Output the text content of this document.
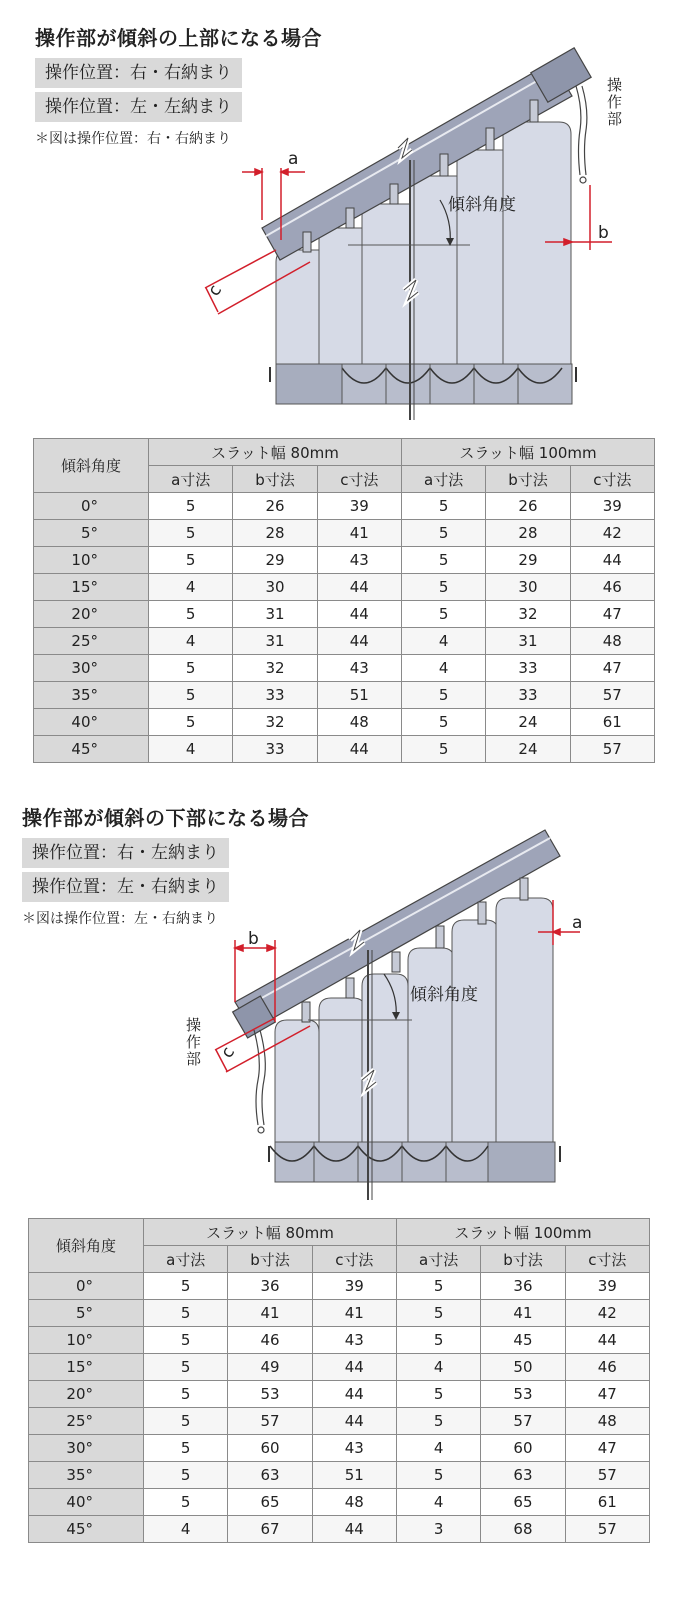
操作部が傾斜の上部になる場合
操作位置：右・右納まり
操作位置：左・左納まり
＊図は操作位置：右・右納まり
傾斜角度
a
b
c
操 作 部
傾斜角度	スラット幅 80mm			スラット幅 100mm		
	a寸法	b寸法	c寸法	a寸法	b寸法	c寸法
0°	5	26	39	5	26	39
5°	5	28	41	5	28	42
10°	5	29	43	5	29	44
15°	4	30	44	5	30	46
20°	5	31	44	5	32	47
25°	4	31	44	4	31	48
30°	5	32	43	4	33	47
35°	5	33	51	5	33	57
40°	5	32	48	5	24	61
45°	4	33	44	5	24	57
操作部が傾斜の下部になる場合
操作位置：右・左納まり
操作位置：左・右納まり
＊図は操作位置：左・右納まり
傾斜角度
a
b
c
操 作 部
傾斜角度	スラット幅 80mm			スラット幅 100mm		
	a寸法	b寸法	c寸法	a寸法	b寸法	c寸法
0°	5	36	39	5	36	39
5°	5	41	41	5	41	42
10°	5	46	43	5	45	44
15°	5	49	44	4	50	46
20°	5	53	44	5	53	47
25°	5	57	44	5	57	48
30°	5	60	43	4	60	47
35°	5	63	51	5	63	57
40°	5	65	48	4	65	61
45°	4	67	44	3	68	57
